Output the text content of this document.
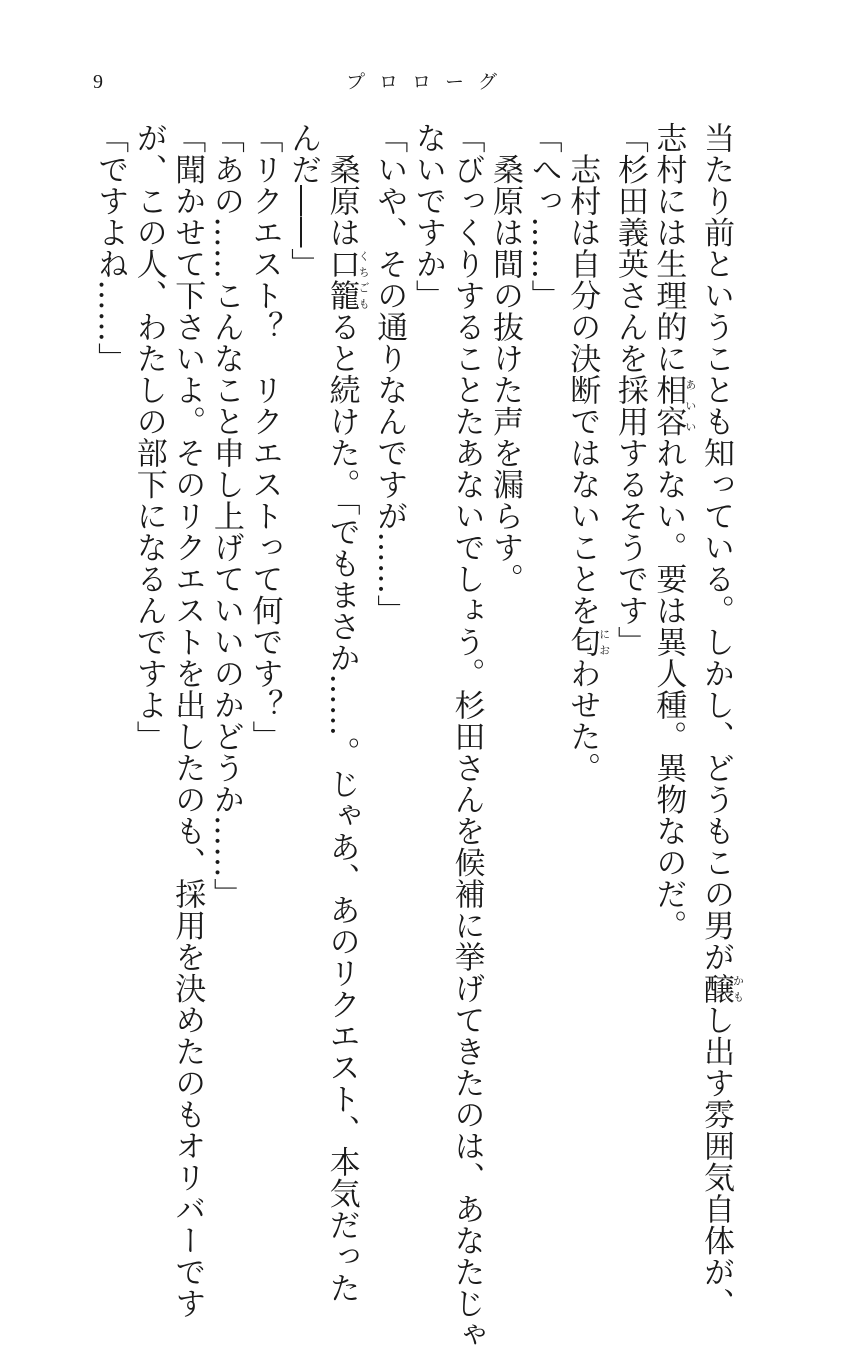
9	プロローグ
当たり前ということも知っている。しかし、どうもこの男が醸かもし出す雰囲気自体が、
志村には生理的に相容あいいれない。要は異人種。異物なのだ。
「杉田義英さんを採用するそうです」
　志村は自分の決断ではないことを匂におわせた。
「へっ……」
　桑原は間の抜けた声を漏らす。
「びっくりすることたあないでしょう。杉田さんを候補に挙げてきたのは、あなたじゃ
ないですか」
「いや、その通りなんですが……」
　桑原は口籠くちごもると続けた。「でもまさか……。じゃあ、あのリクエスト、本気だった
んだ――」
「リクエスト？　リクエストって何です？」
「あの……こんなこと申し上げていいのかどうか……」
「聞かせて下さいよ。そのリクエストを出したのも、採用を決めたのもオリバーです
が、この人、わたしの部下になるんですよ」
「ですよね……」
